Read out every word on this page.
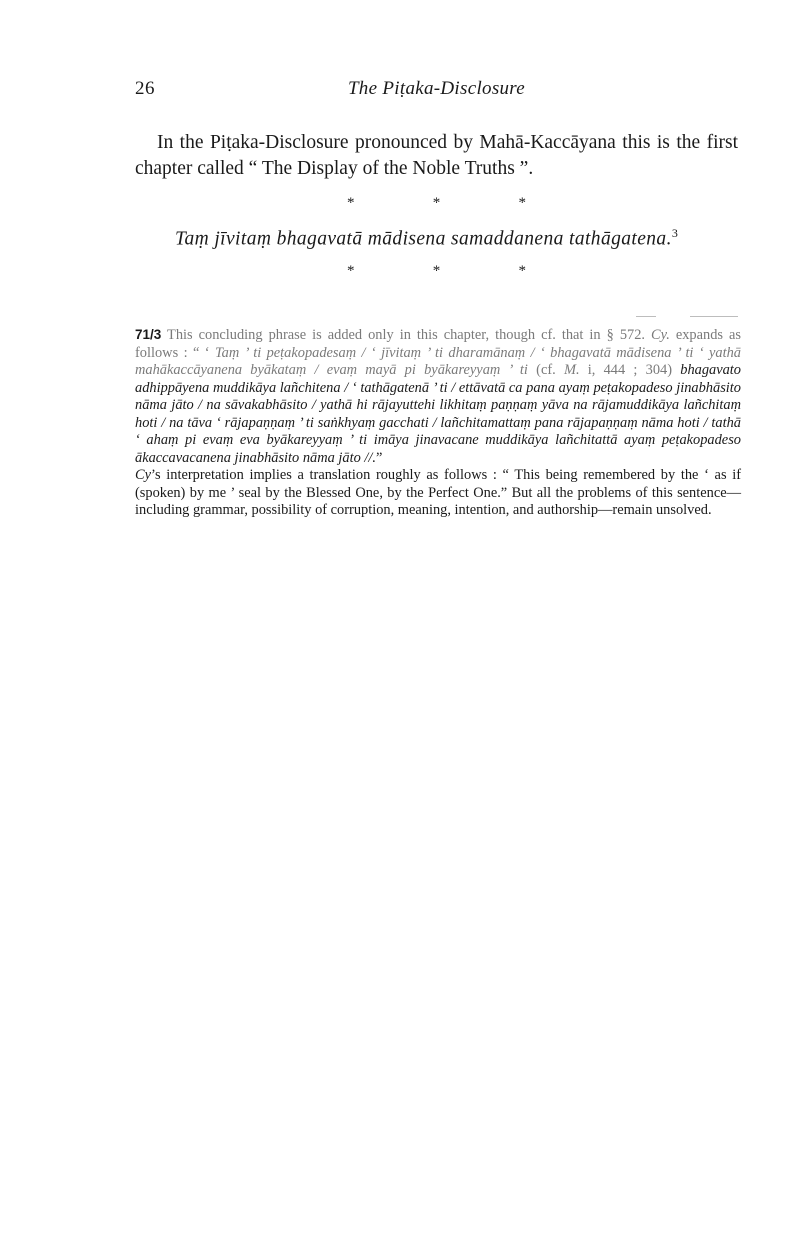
26	The Piṭaka-Disclosure

In the Piṭaka-Disclosure pronounced by Mahā-Kaccāyana this is the first chapter called “ The Display of the Noble Truths ”.

*	*	*
Taṃ jīvitaṃ bhagavatā mādisena samaddanena tathāgatena.$^3$
*	*	*

71/3 This concluding phrase is added only in this chapter, though cf. that in § 572. Cy. expands as follows : “ ‘ Taṃ ’ ti peṭakopadesaṃ / ‘ jīvitaṃ ’ ti dharamānaṃ / ‘ bhagavatā mādisena ’ ti ‘ yathā mahākaccāyanena byākataṃ / evaṃ mayā pi byākareyyaṃ ’ ti (cf. M. i, 444 ; 304) bhagavato adhippāyena muddikāya lañchitena / ‘ tathāgatenā ’ ti / ettāvatā ca pana ayaṃ peṭakopadeso jinabhāsito nāma jāto / na sāvakabhāsito / yathā hi rājayuttehi likhitaṃ paṇṇaṃ yāva na rājamuddikāya lañchitaṃ hoti / na tāva ‘ rājapaṇṇaṃ ’ ti saṅkhyaṃ gacchati / lañchitamattaṃ pana rājapaṇṇaṃ nāma hoti / tathā ‘ ahaṃ pi evaṃ eva byākareyyaṃ ’ ti imāya jinavacane muddikāya lañchitattā ayaṃ peṭakopadeso ākaccavacanena jinabhāsito nāma jāto //.”
Cy’s interpretation implies a translation roughly as follows : “ This being remembered by the ‘ as if (spoken) by me ’ seal by the Blessed One, by the Perfect One.” But all the problems of this sentence—including grammar, possibility of corruption, meaning, intention, and authorship—remain unsolved.
